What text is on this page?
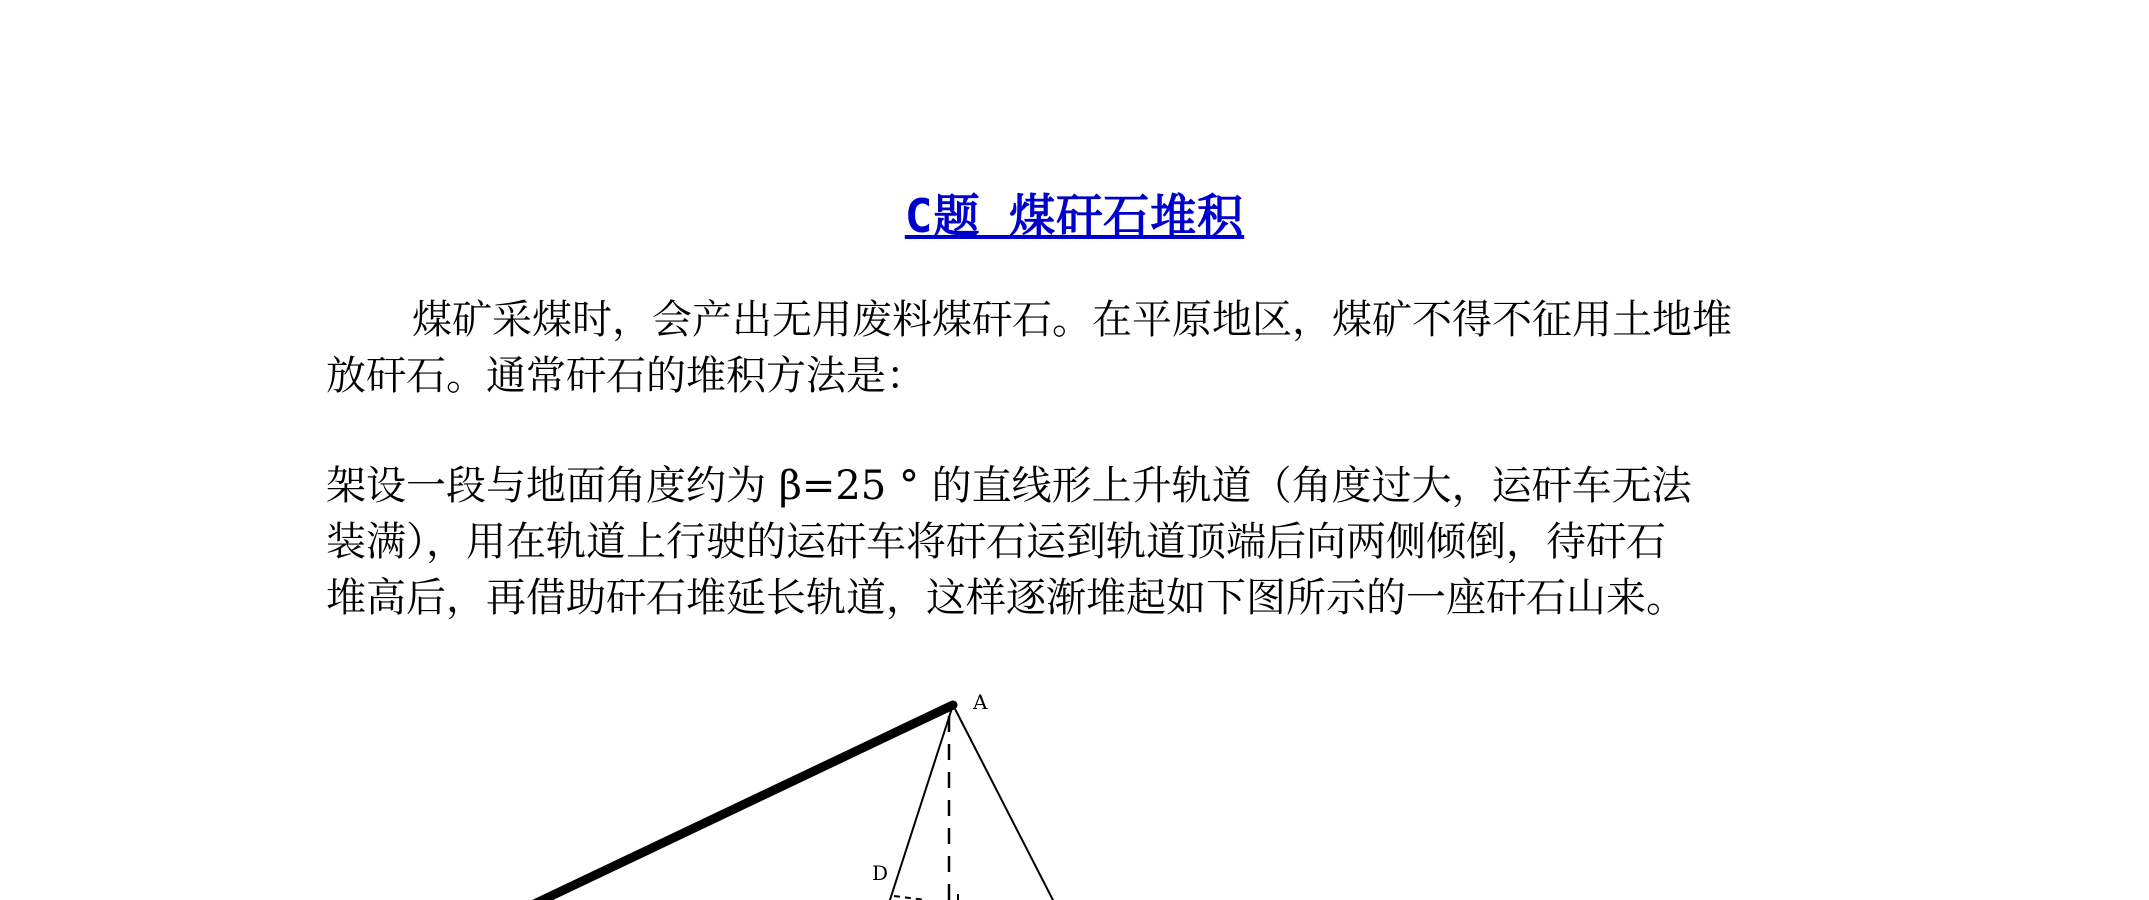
C题 煤矸石堆积
煤矿采煤时，会产出无用废料煤矸石。在平原地区，煤矿不得不征用土地堆
放矸石。通常矸石的堆积方法是：
架设一段与地面角度约为 β=25 ° 的直线形上升轨道（角度过大，运矸车无法
装满），用在轨道上行驶的运矸车将矸石运到轨道顶端后向两侧倾倒，待矸石
堆高后，再借助矸石堆延长轨道，这样逐渐堆起如下图所示的一座矸石山来。
A
D
